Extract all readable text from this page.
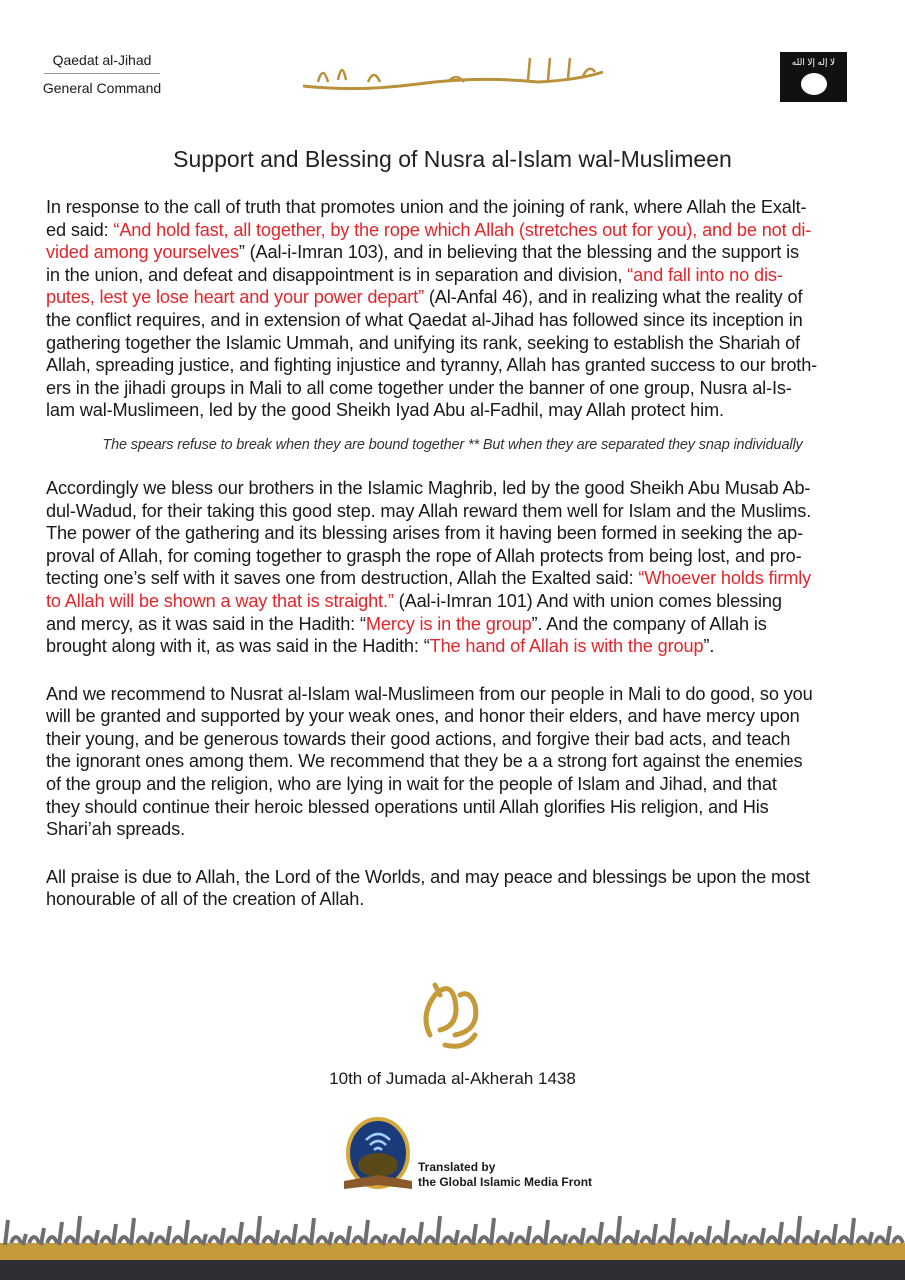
Qaedat al-Jihad
General Command
لا إله إلا الله
Support and Blessing of Nusra al-Islam wal-Muslimeen
In response to the call of truth that promotes union and the joining of rank, where Allah the Exalt-
ed said: “And hold fast, all together, by the rope which Allah (stretches out for you), and be not di-
vided among yourselves” (Aal-i-Imran 103), and in believing that the blessing and the support is
in the union, and defeat and disappointment is in separation and division, “and fall into no dis-
putes, lest ye lose heart and your power depart” (Al-Anfal 46), and in realizing what the reality of
the conflict requires, and in extension of what Qaedat al-Jihad has followed since its inception in
gathering together the Islamic Ummah, and unifying its rank, seeking to establish the Shariah of
Allah, spreading justice, and fighting injustice and tyranny, Allah has granted success to our broth-
ers in the jihadi groups in Mali to all come together under the banner of one group, Nusra al-Is-
lam wal-Muslimeen, led by the good Sheikh Iyad Abu al-Fadhil, may Allah protect him.
The spears refuse to break when they are bound together ** But when they are separated they snap individually
Accordingly we bless our brothers in the Islamic Maghrib, led by the good Sheikh Abu Musab Ab-
dul-Wadud, for their taking this good step. may Allah reward them well for Islam and the Muslims.
The power of the gathering and its blessing arises from it having been formed in seeking the ap-
proval of Allah, for coming together to grasph the rope of Allah protects from being lost, and pro-
tecting one’s self with it saves one from destruction, Allah the Exalted said: “Whoever holds firmly
to Allah will be shown a way that is straight.” (Aal-i-Imran 101) And with union comes blessing
and mercy, as it was said in the Hadith: “Mercy is in the group”. And the company of Allah is
brought along with it, as was said in the Hadith: “The hand of Allah is with the group”.
And we recommend to Nusrat al-Islam wal-Muslimeen from our people in Mali to do good, so you
will be granted and supported by your weak ones, and honor their elders, and have mercy upon
their young, and be generous towards their good actions, and forgive their bad acts, and teach
the ignorant ones among them. We recommend that they be a a strong fort against the enemies
of the group and the religion, who are lying in wait for the people of Islam and Jihad, and that
they should continue their heroic blessed operations until Allah glorifies His religion, and His
Shari’ah spreads.
All praise is due to Allah, the Lord of the Worlds, and may peace and blessings be upon the most
honourable of all of the creation of Allah.
10th of Jumada al-Akherah 1438
Translated by
the Global Islamic Media Front
